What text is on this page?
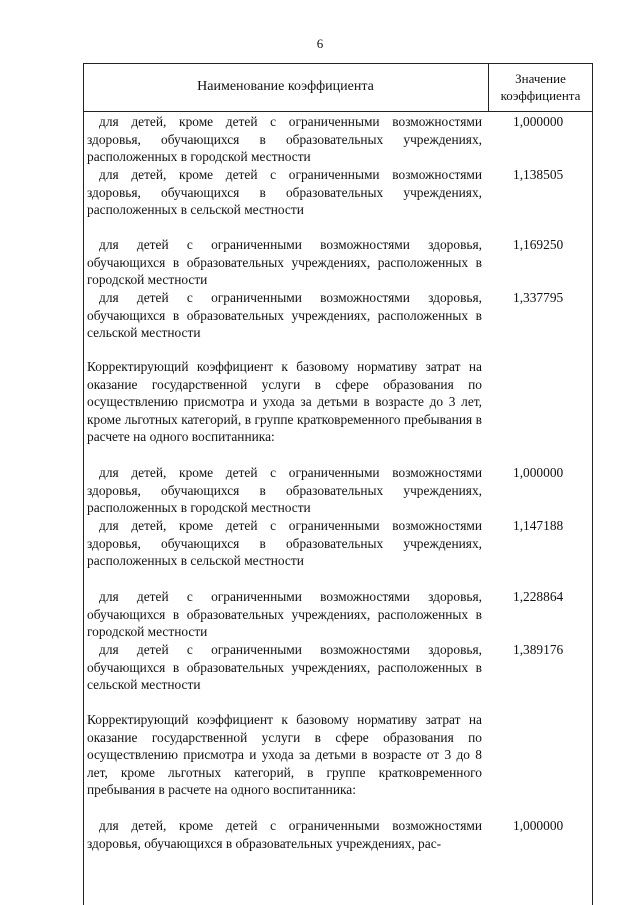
6
Наименование коэффициента
Значение коэффициента
для детей, кроме детей с ограниченными возможностями здоровья, обучающихся в образовательных учреждениях, расположенных в городской местности
1,000000
для детей, кроме детей с ограниченными возможностями здоровья, обучающихся в образовательных учреждениях, расположенных в сельской местности
1,138505
для детей с ограниченными возможностями здоровья, обучающихся в образовательных учреждениях, расположенных в городской местности
1,169250
для детей с ограниченными возможностями здоровья, обучающихся в образовательных учреждениях, расположенных в сельской местности
1,337795
Корректирующий коэффициент к базовому нормативу затрат на оказание государственной услуги в сфере образования по осуществлению присмотра и ухода за детьми в возрасте до 3 лет, кроме льготных категорий, в группе кратковременного пребывания в расчете на одного воспитанника:
для детей, кроме детей с ограниченными возможностями здоровья, обучающихся в образовательных учреждениях, расположенных в городской местности
1,000000
для детей, кроме детей с ограниченными возможностями здоровья, обучающихся в образовательных учреждениях, расположенных в сельской местности
1,147188
для детей с ограниченными возможностями здоровья, обучающихся в образовательных учреждениях, расположенных в городской местности
1,228864
для детей с ограниченными возможностями здоровья, обучающихся в образовательных учреждениях, расположенных в сельской местности
1,389176
Корректирующий коэффициент к базовому нормативу затрат на оказание государственной услуги в сфере образования по осуществлению присмотра и ухода за детьми в возрасте от 3 до 8 лет, кроме льготных категорий, в группе кратковременного пребывания в расчете на одного воспитанника:
для детей, кроме детей с ограниченными возможностями здоровья, обучающихся в образовательных учреждениях, рас-
1,000000
